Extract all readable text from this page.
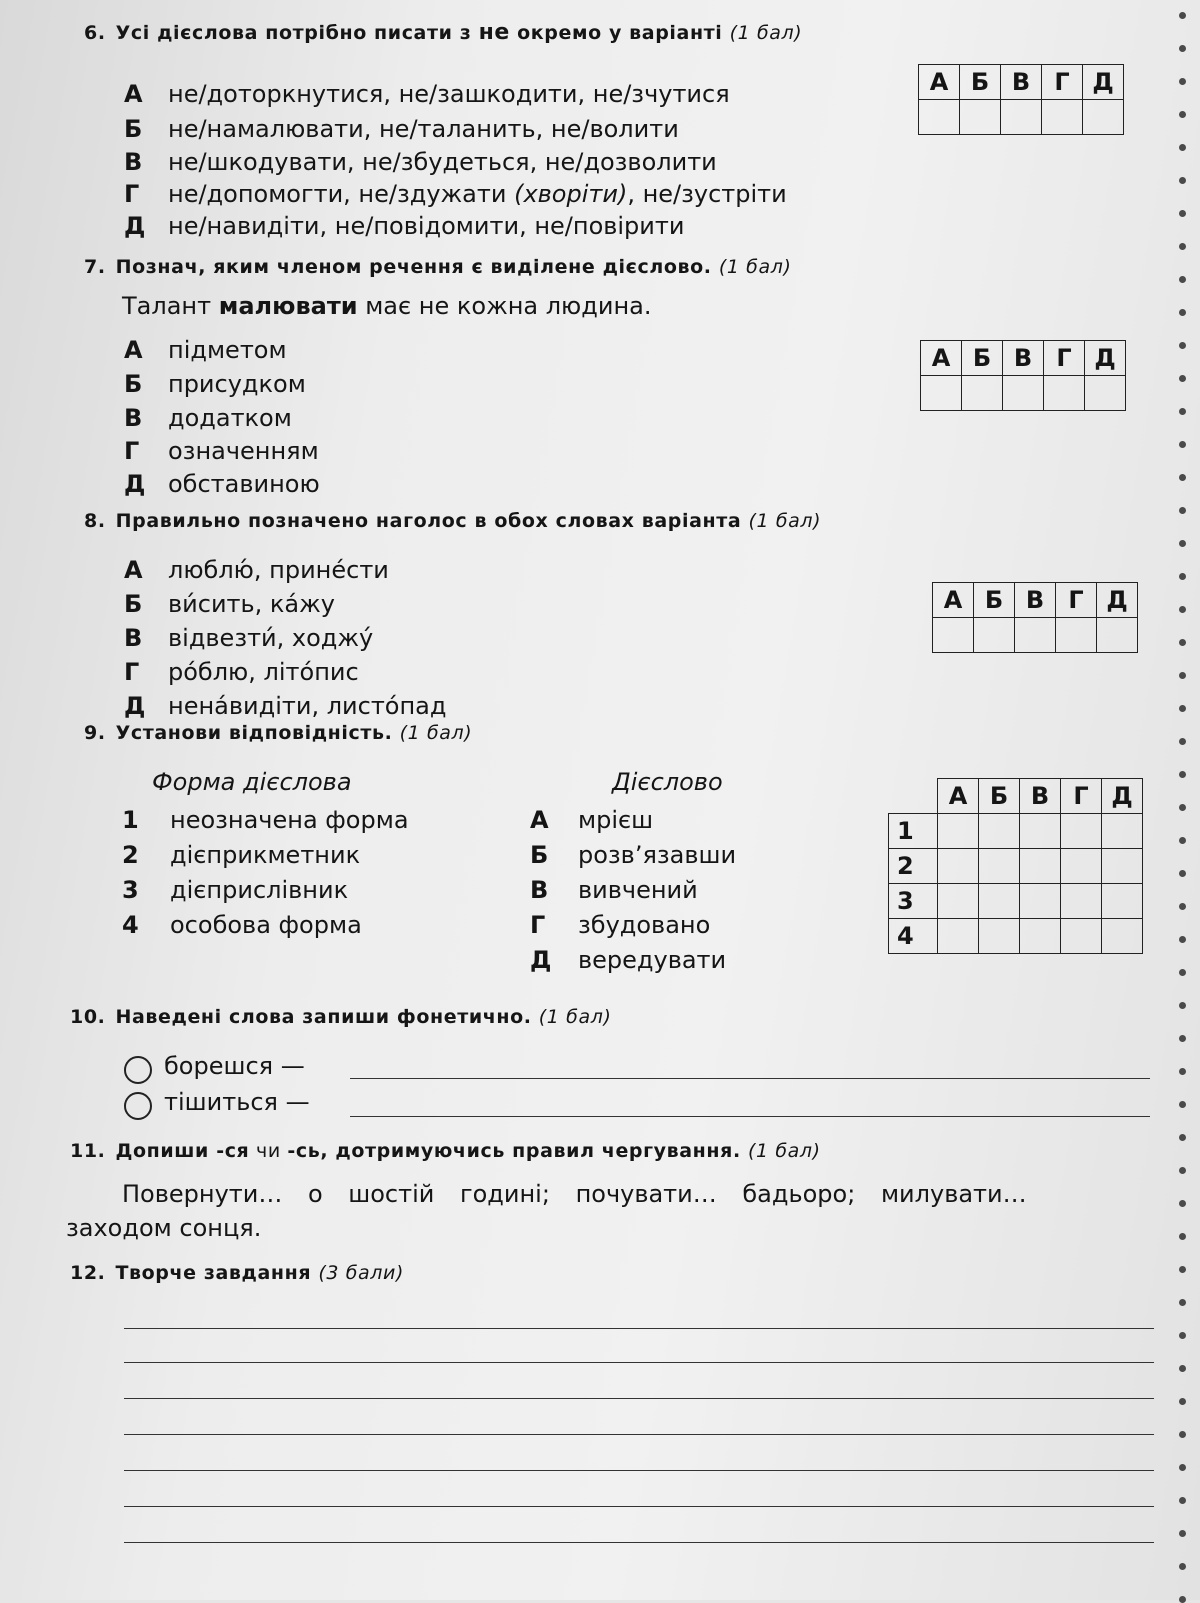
6. Усі дієслова потрібно писати з не окремо у варіанті (1 бал)
А не/доторкнутися, не/зашкодити, не/зчутися
Б не/намалювати, не/таланить, не/волити
В не/шкодувати, не/збудеться, не/дозволити
Г не/допомогти, не/здужати (хворіти), не/зустріти
Д не/навидіти, не/повідомити, не/повірити
А	Б	В	Г	Д

7. Познач, яким членом речення є виділене дієслово. (1 бал)
Талант малювати має не кожна людина.
А підметом
Б присудком
В додатком
Г означенням
Д обставиною
А	Б	В	Г	Д

8. Правильно позначено наголос в обох словах варіанта (1 бал)
А люблю́, принéсти
Б ви́сить, кáжу
В відвезти́, ходжу́
Г рóблю, літóпис
Д ненáвидіти, листóпад
А	Б	В	Г	Д

9. Установи відповідність. (1 бал)
Форма дієслова	Дієслово
1 неозначена форма
2 дієприкметник
3 дієприслівник
4 особова форма
А мрієш
Б розв’язавши
В вивчений
Г збудовано
Д вередувати
	А	Б	В	Г	Д
1					
2					
3					
4					
10. Наведені слова запиши фонетично. (1 бал)
борешся —
тішиться —
11. Допиши -ся чи -сь, дотримуючись правил чергування. (1 бал)
Повернути… о шостій годині; почувати… бадьоро; милувати…
заходом сонця.
12. Творче завдання (3 бали)
